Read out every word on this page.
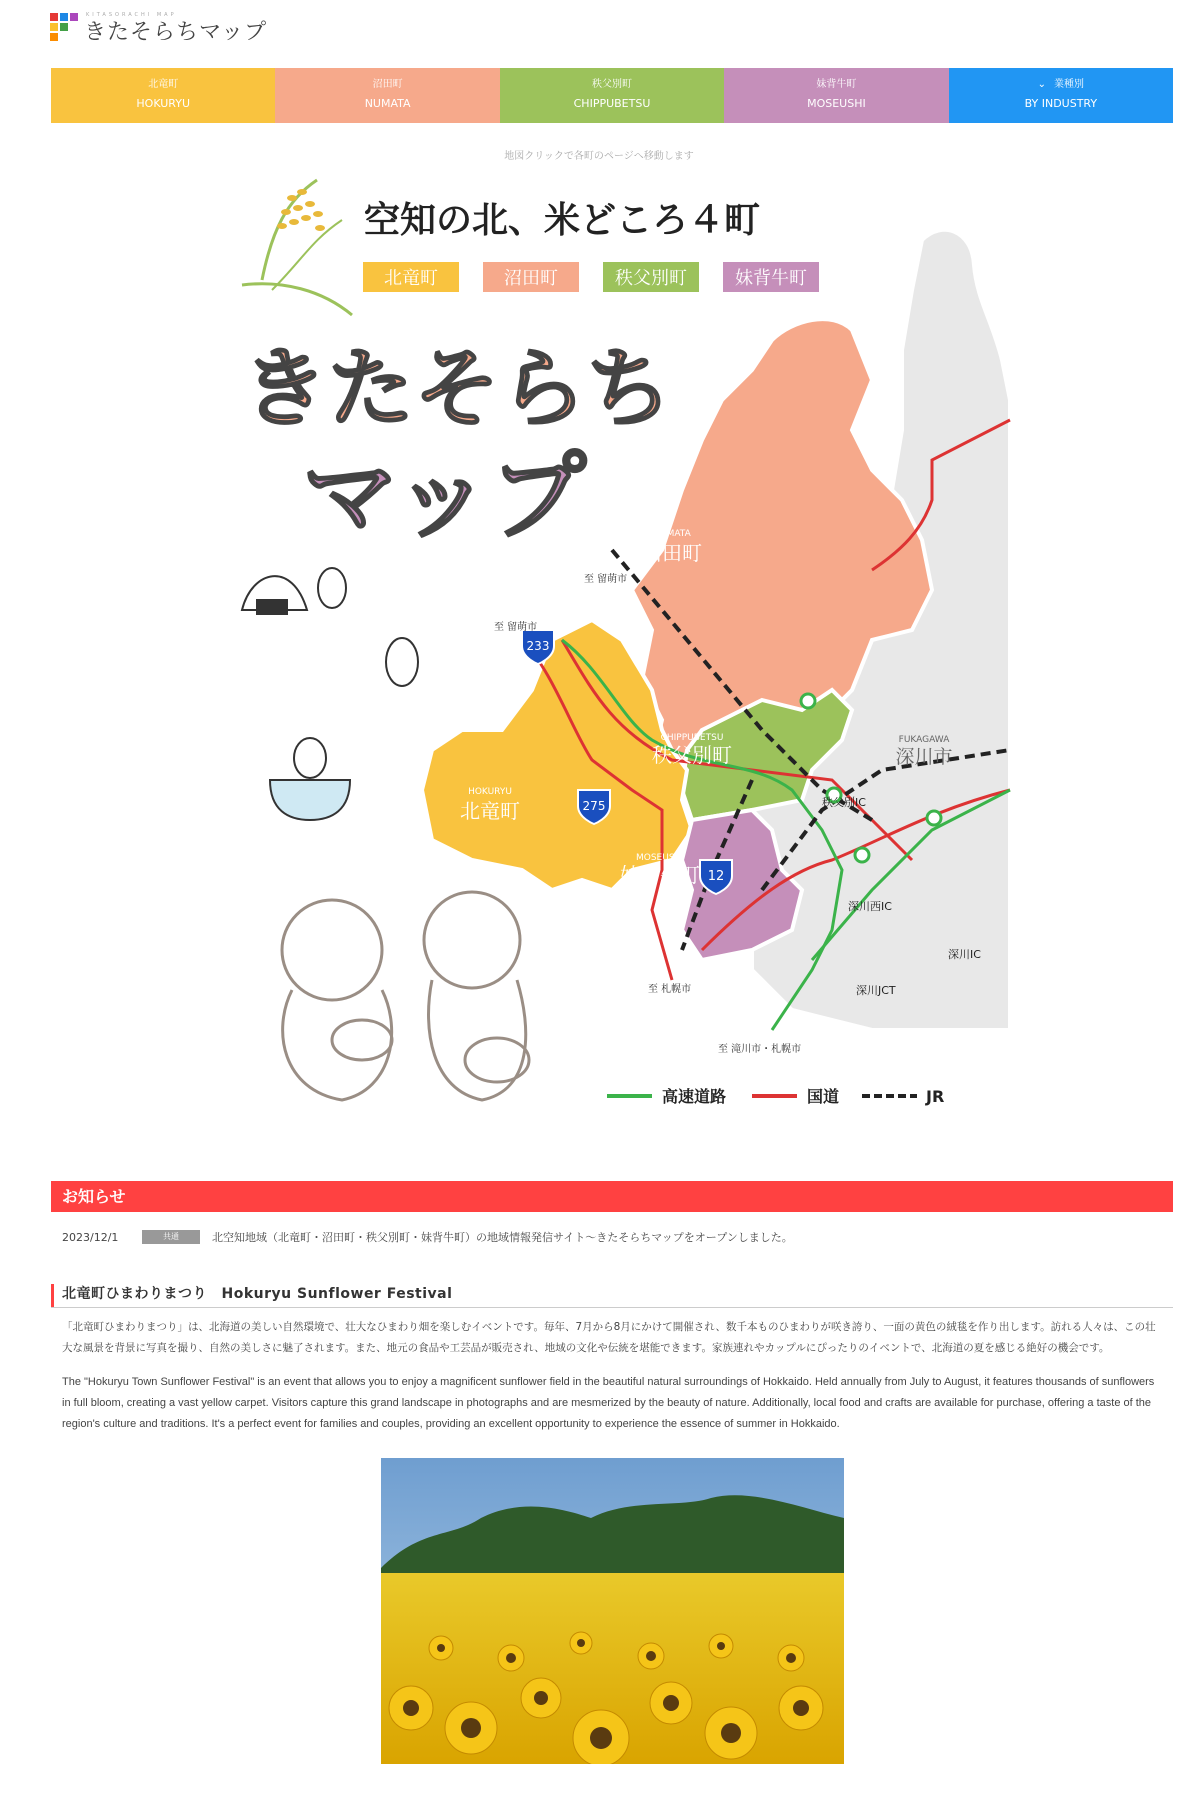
きたそらちマップ
KITASORACHI MAP
北竜町
HOKURYU
沼田町
NUMATA
秩父別町
CHIPPUBETSU
妹背牛町
MOSEUSHI
⌄ 業種別
BY INDUSTRY
地図クリックで各町のページへ移動します
233
275
12
NUMATA
沼田町
CHIPPUBETSU
秩父別町
HOKURYU
北竜町
MOSEUSHI
妹背牛町
FUKAGAWA
深川市
至 留萌市
至 留萌市
至 札幌市
至 滝川市・札幌市
秩父別IC
深川西IC
深川IC
深川JCT
空知の北、米どころ４町
北竜町	沼田町	秩父別町	妹背牛町
きたそらち
マップ
高速道路	国道	JR
お知らせ
2023/12/1	共通	北空知地域（北竜町・沼田町・秩父別町・妹背牛町）の地域情報発信サイト～きたそらちマップをオープンしました。
北竜町ひまわりまつり　Hokuryu Sunflower Festival

「北竜町ひまわりまつり」は、北海道の美しい自然環境で、壮大なひまわり畑を楽しむイベントです。毎年、7月から8月にかけて開催され、数千本ものひまわりが咲き誇り、一面の黄色の絨毯を作り出します。訪れる人々は、この壮大な風景を背景に写真を撮り、自然の美しさに魅了されます。また、地元の食品や工芸品が販売され、地域の文化や伝統を堪能できます。家族連れやカップルにぴったりのイベントで、北海道の夏を感じる絶好の機会です。

The "Hokuryu Town Sunflower Festival" is an event that allows you to enjoy a magnificent sunflower field in the beautiful natural surroundings of Hokkaido. Held annually from July to August, it features thousands of sunflowers in full bloom, creating a vast yellow carpet. Visitors capture this grand landscape in photographs and are mesmerized by the beauty of nature. Additionally, local food and crafts are available for purchase, offering a taste of the region's culture and traditions. It's a perfect event for families and couples, providing an excellent opportunity to experience the essence of summer in Hokkaido.
